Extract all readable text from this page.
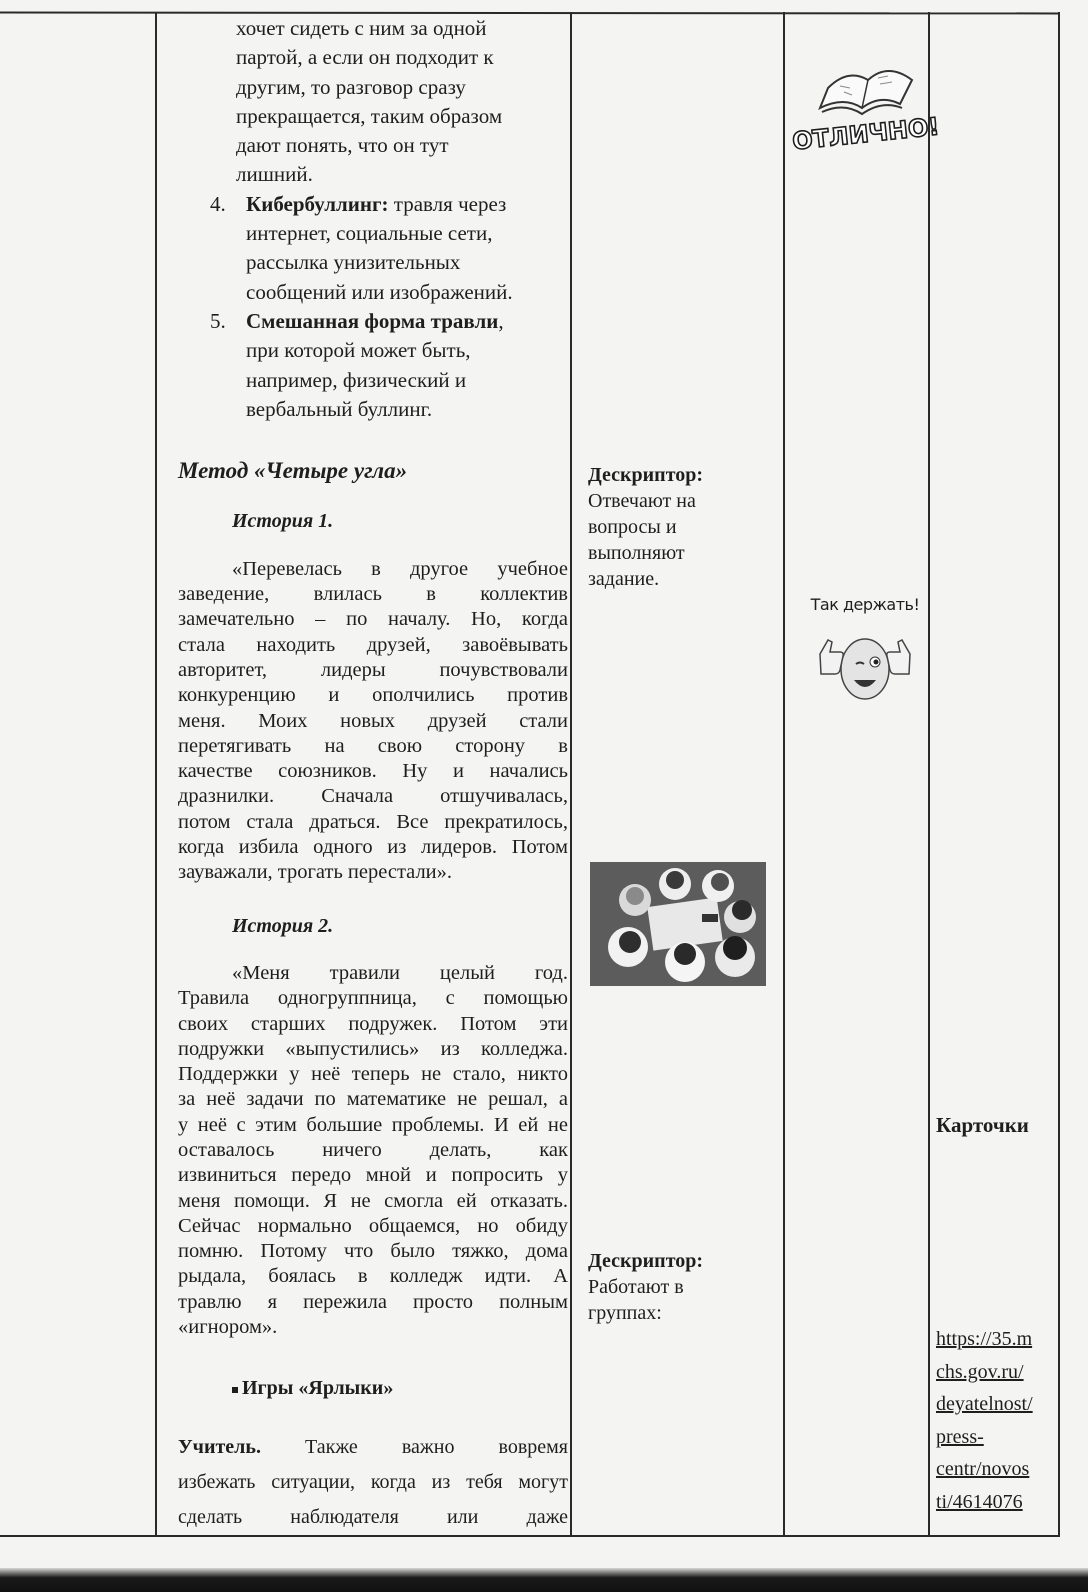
хочет сидеть с ним за одной
партой, а если он подходит к
другим, то разговор сразу
прекращается, таким образом
дают понять, что он тут
лишний.
4. Кибербуллинг: травля через
интернет, социальные сети,
рассылка унизительных
сообщений или изображений.
5. Смешанная форма травли,
при которой может быть,
например, физический и
вербальный буллинг.
Метод «Четыре угла»
История 1.
«Перевелась в другое учебное
заведение, влилась в коллектив
замечательно – по началу. Но, когда
стала находить друзей, завоёвывать
авторитет, лидеры почувствовали
конкуренцию и ополчились против
меня. Моих новых друзей стали
перетягивать на свою сторону в
качестве союзников. Ну и начались
дразнилки. Сначала отшучивалась,
потом стала драться. Все прекратилось,
когда избила одного из лидеров. Потом
зауважали, трогать перестали».
История 2.
«Меня травили целый год.
Травила одногруппница, с помощью
своих старших подружек. Потом эти
подружки «выпустились» из колледжа.
Поддержки у неё теперь не стало, никто
за неё задачи по математике не решал, а
у неё с этим большие проблемы. И ей не
оставалось ничего делать, как
извиниться передо мной и попросить у
меня помощи. Я не смогла ей отказать.
Сейчас нормально общаемся, но обиду
помню. Потому что было тяжко, дома
рыдала, боялась в колледж идти. А
травлю я пережила просто полным
«игнором».
Игры «Ярлыки»
Учитель. Также важно вовремя
избежать ситуации, когда из тебя могут
сделать наблюдателя или даже
Дескриптор:
Отвечают на
вопросы и
выполняют
задание.
Дескриптор:
Работают в
группах:
ОТЛИЧНО!
Так держать!
Карточки
https://35.m
chs.gov.ru/
deyatelnost/
press-
centr/novos
ti/4614076
